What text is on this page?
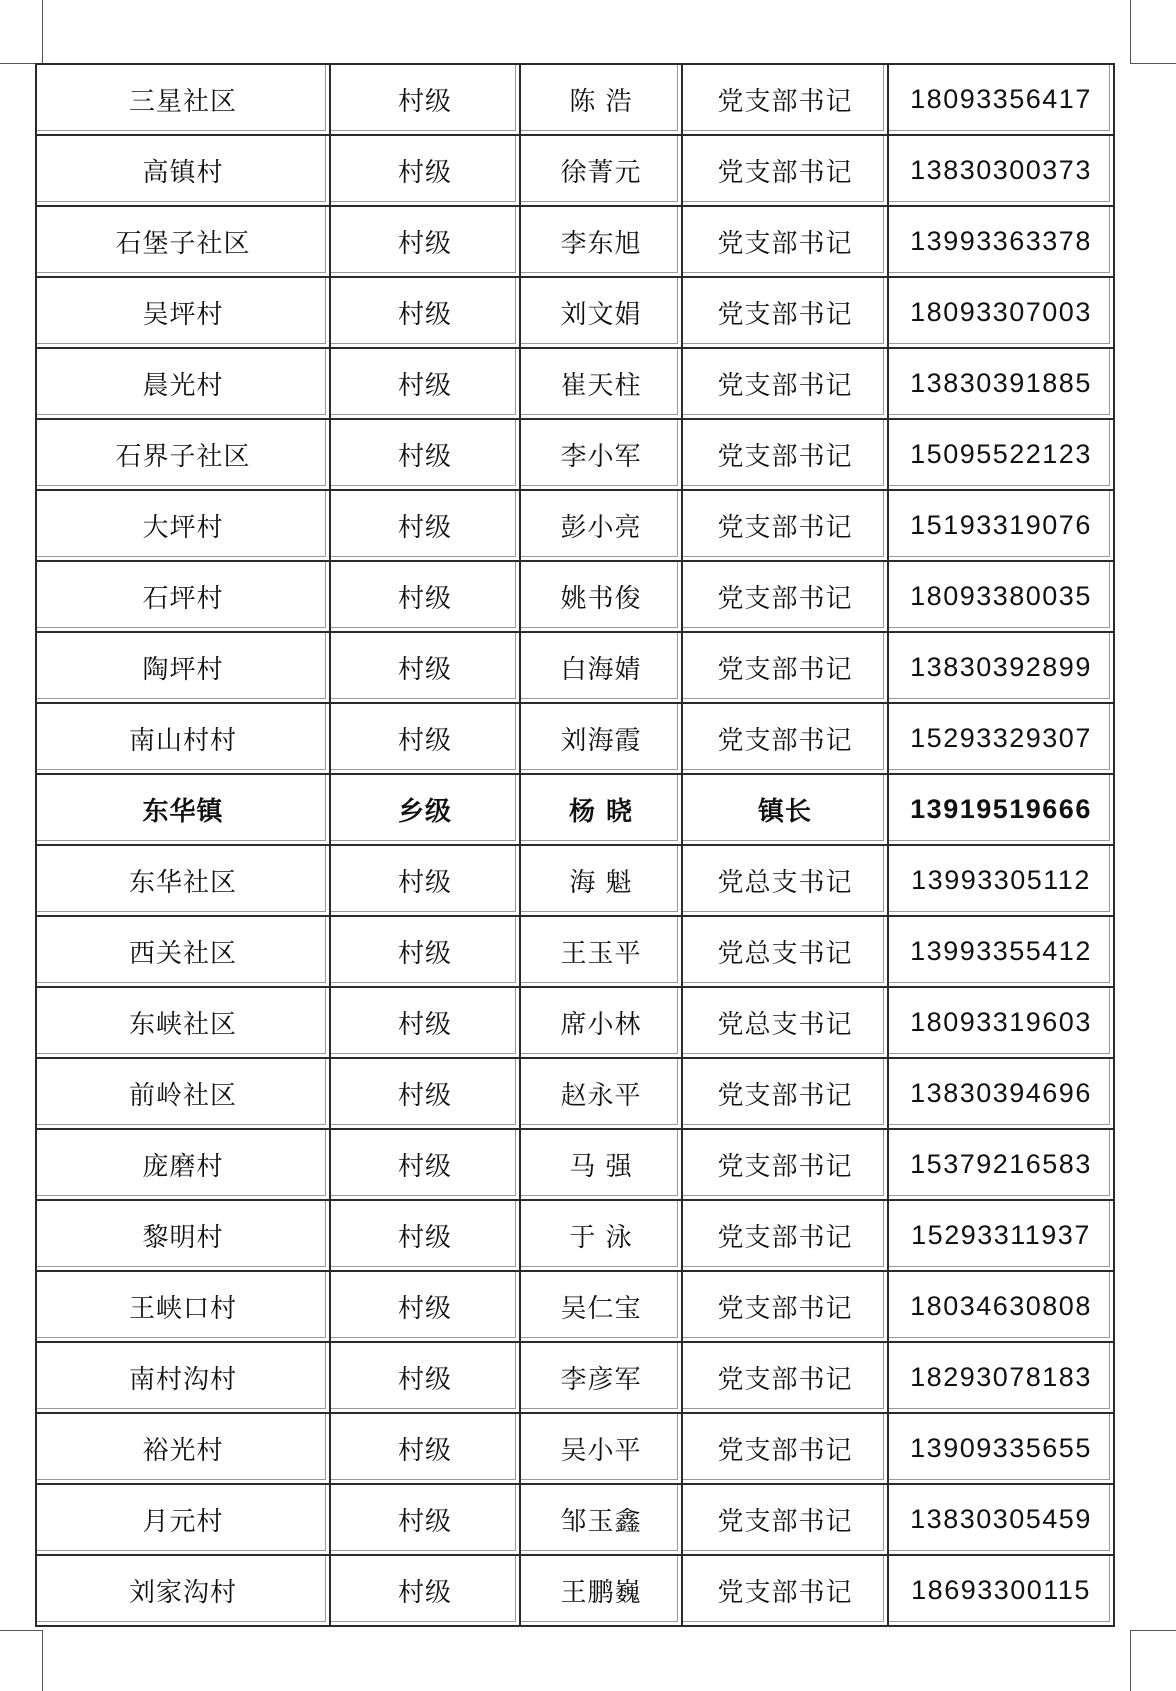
三星社区	村级	陈 浩	党支部书记	18093356417
高镇村	村级	徐菁元	党支部书记	13830300373
石堡子社区	村级	李东旭	党支部书记	13993363378
吴坪村	村级	刘文娟	党支部书记	18093307003
晨光村	村级	崔天柱	党支部书记	13830391885
石界子社区	村级	李小军	党支部书记	15095522123
大坪村	村级	彭小亮	党支部书记	15193319076
石坪村	村级	姚书俊	党支部书记	18093380035
陶坪村	村级	白海婧	党支部书记	13830392899
南山村村	村级	刘海霞	党支部书记	15293329307
东华镇	乡级	杨 晓	镇长	13919519666
东华社区	村级	海 魁	党总支书记	13993305112
西关社区	村级	王玉平	党总支书记	13993355412
东峡社区	村级	席小林	党总支书记	18093319603
前岭社区	村级	赵永平	党支部书记	13830394696
庞磨村	村级	马 强	党支部书记	15379216583
黎明村	村级	于 泳	党支部书记	15293311937
王峡口村	村级	吴仁宝	党支部书记	18034630808
南村沟村	村级	李彦军	党支部书记	18293078183
裕光村	村级	吴小平	党支部书记	13909335655
月元村	村级	邹玉鑫	党支部书记	13830305459
刘家沟村	村级	王鹏巍	党支部书记	18693300115
